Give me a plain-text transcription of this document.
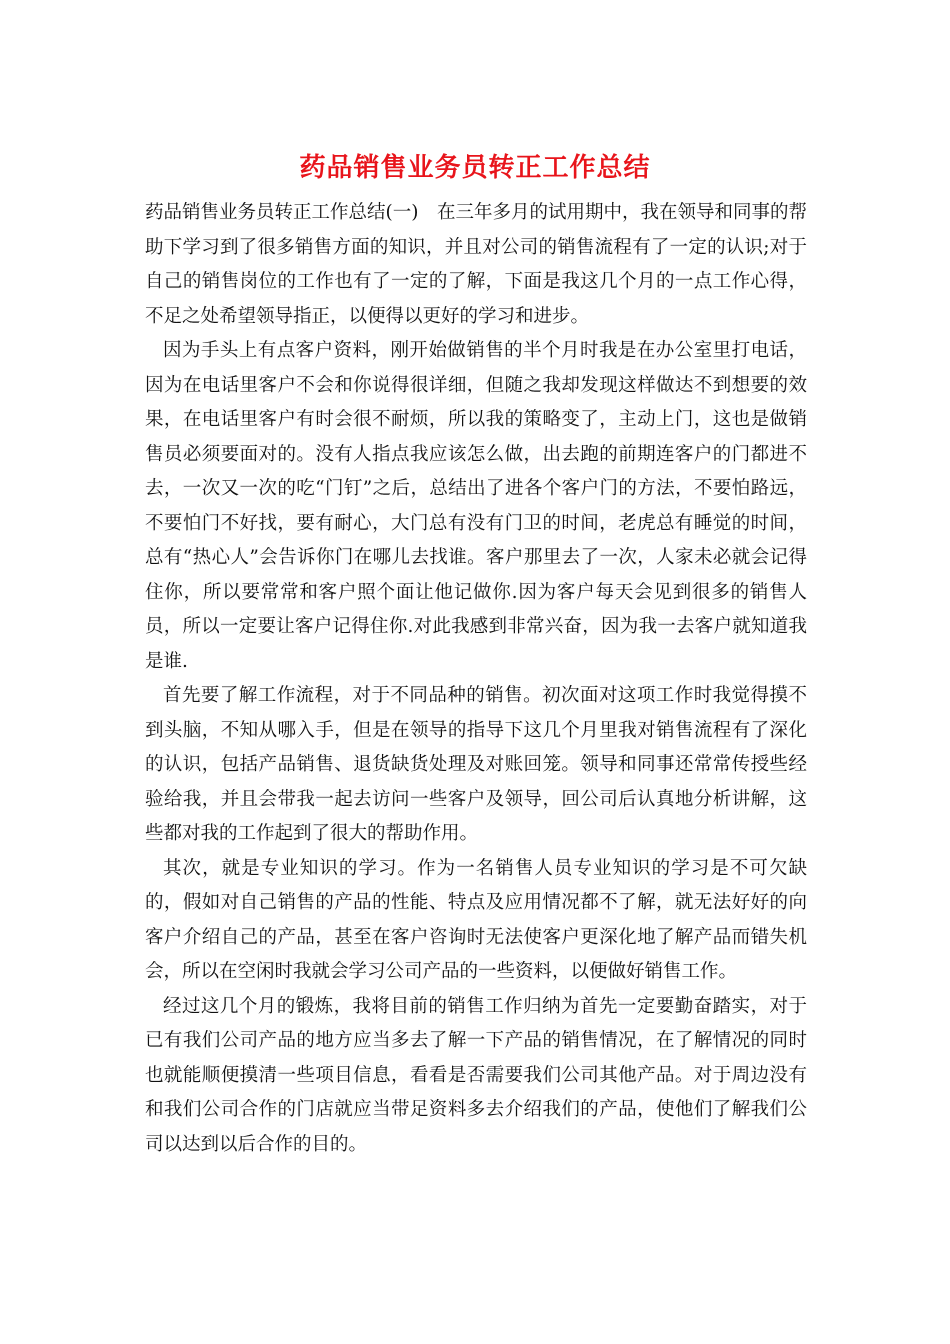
药品销售业务员转正工作总结

药品销售业务员转正工作总结(一)　在三年多月的试用期中，我在领导和同事的帮助下学习到了很多销售方面的知识，并且对公司的销售流程有了一定的认识;对于自己的销售岗位的工作也有了一定的了解，下面是我这几个月的一点工作心得，不足之处希望领导指正，以便得以更好的学习和进步。

因为手头上有点客户资料，刚开始做销售的半个月时我是在办公室里打电话，因为在电话里客户不会和你说得很详细，但随之我却发现这样做达不到想要的效果，在电话里客户有时会很不耐烦，所以我的策略变了，主动上门，这也是做销售员必须要面对的。没有人指点我应该怎么做，出去跑的前期连客户的门都进不去，一次又一次的吃“门钉”之后，总结出了进各个客户门的方法，不要怕路远，不要怕门不好找，要有耐心，大门总有没有门卫的时间，老虎总有睡觉的时间，总有“热心人”会告诉你门在哪儿去找谁。客户那里去了一次，人家未必就会记得住你，所以要常常和客户照个面让他记做你.因为客户每天会见到很多的销售人员，所以一定要让客户记得住你.对此我感到非常兴奋，因为我一去客户就知道我是谁.

首先要了解工作流程，对于不同品种的销售。初次面对这项工作时我觉得摸不到头脑，不知从哪入手，但是在领导的指导下这几个月里我对销售流程有了深化的认识，包括产品销售、退货缺货处理及对账回笼。领导和同事还常常传授些经验给我，并且会带我一起去访问一些客户及领导，回公司后认真地分析讲解，这些都对我的工作起到了很大的帮助作用。

其次，就是专业知识的学习。作为一名销售人员专业知识的学习是不可欠缺的，假如对自己销售的产品的性能、特点及应用情况都不了解，就无法好好的向客户介绍自己的产品，甚至在客户咨询时无法使客户更深化地了解产品而错失机会，所以在空闲时我就会学习公司产品的一些资料，以便做好销售工作。

经过这几个月的锻炼，我将目前的销售工作归纳为首先一定要勤奋踏实，对于已有我们公司产品的地方应当多去了解一下产品的销售情况，在了解情况的同时也就能顺便摸清一些项目信息，看看是否需要我们公司其他产品。对于周边没有和我们公司合作的门店就应当带足资料多去介绍我们的产品，使他们了解我们公司以达到以后合作的目的。
